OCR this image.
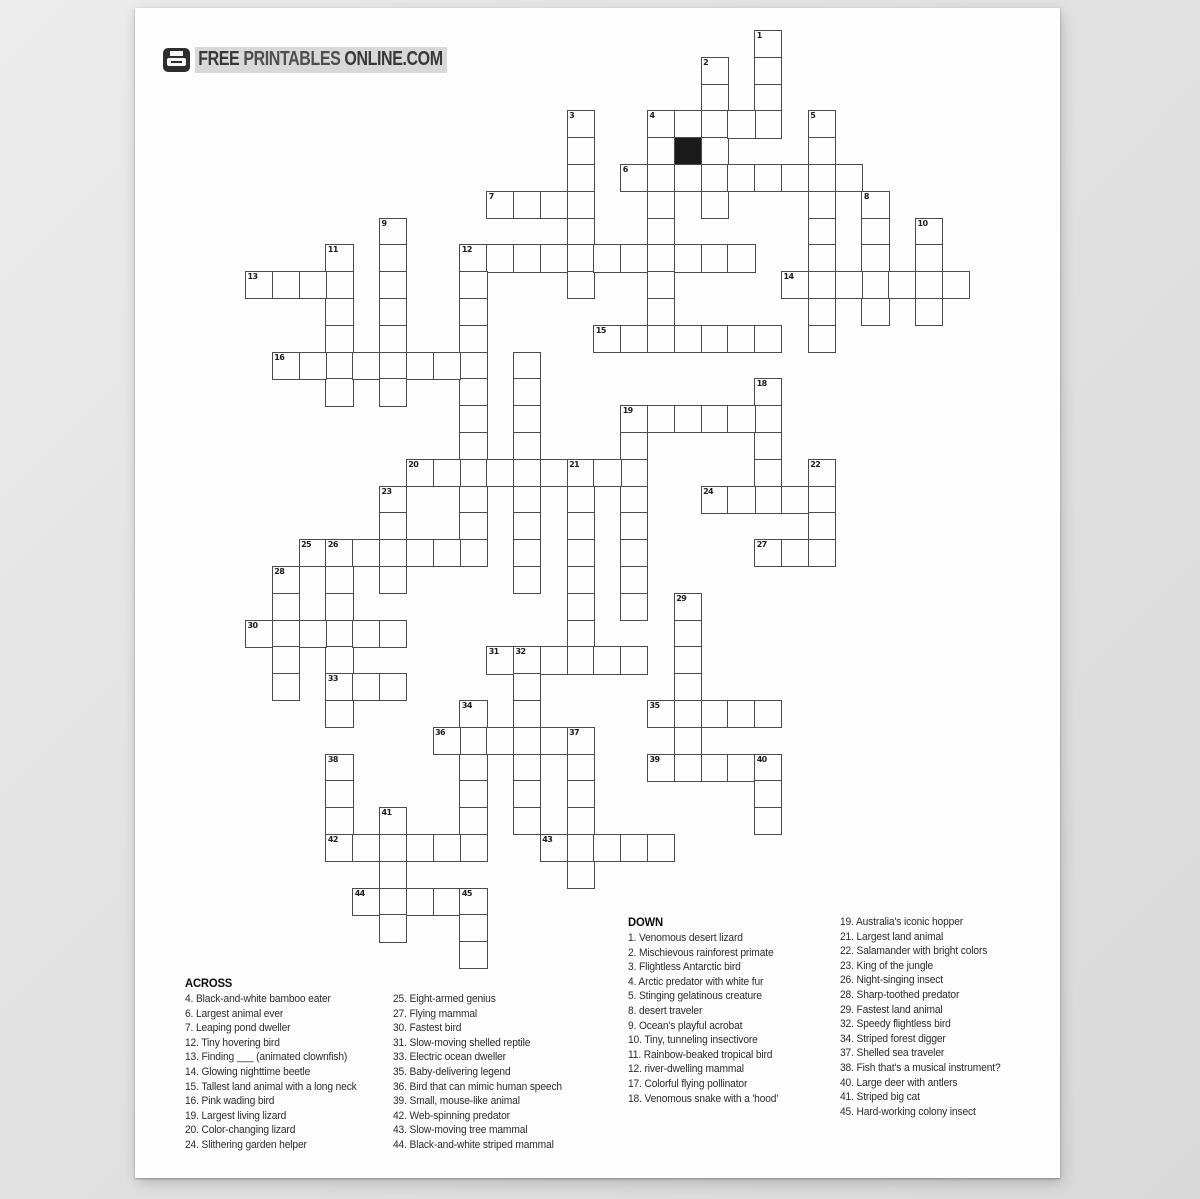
FREE PRINTABLES ONLINE.COM
1
2
3	4	5
6
7	8
9	10
11	12
13	14
15
16
18
19
20	21	22
23	24
25 26
33
27
28
29
30
31 32
34	35
36	37
38
42
39	40
41
43
44	45
ACROSS
4. Black-and-white bamboo eater
6. Largest animal ever
7. Leaping pond dweller
12. Tiny hovering bird
13. Finding ___ (animated clownfish)
14. Glowing nighttime beetle
15. Tallest land animal with a long neck
16. Pink wading bird
19. Largest living lizard
20. Color-changing lizard
24. Slithering garden helper
25. Eight-armed genius
27. Flying mammal
30. Fastest bird
31. Slow-moving shelled reptile
33. Electric ocean dweller
35. Baby-delivering legend
36. Bird that can mimic human speech
39. Small, mouse-like animal
42. Web-spinning predator
43. Slow-moving tree mammal
44. Black-and-white striped mammal
DOWN
1. Venomous desert lizard
2. Mischievous rainforest primate
3. Flightless Antarctic bird
4. Arctic predator with white fur
5. Stinging gelatinous creature
8. desert traveler
9. Ocean's playful acrobat
10. Tiny, tunneling insectivore
11. Rainbow-beaked tropical bird
12. river-dwelling mammal
17. Colorful flying pollinator
18. Venomous snake with a 'hood'
19. Australia's iconic hopper
21. Largest land animal
22. Salamander with bright colors
23. King of the jungle
26. Night-singing insect
28. Sharp-toothed predator
29. Fastest land animal
32. Speedy flightless bird
34. Striped forest digger
37. Shelled sea traveler
38. Fish that's a musical instrument?
40. Large deer with antlers
41. Striped big cat
45. Hard-working colony insect
